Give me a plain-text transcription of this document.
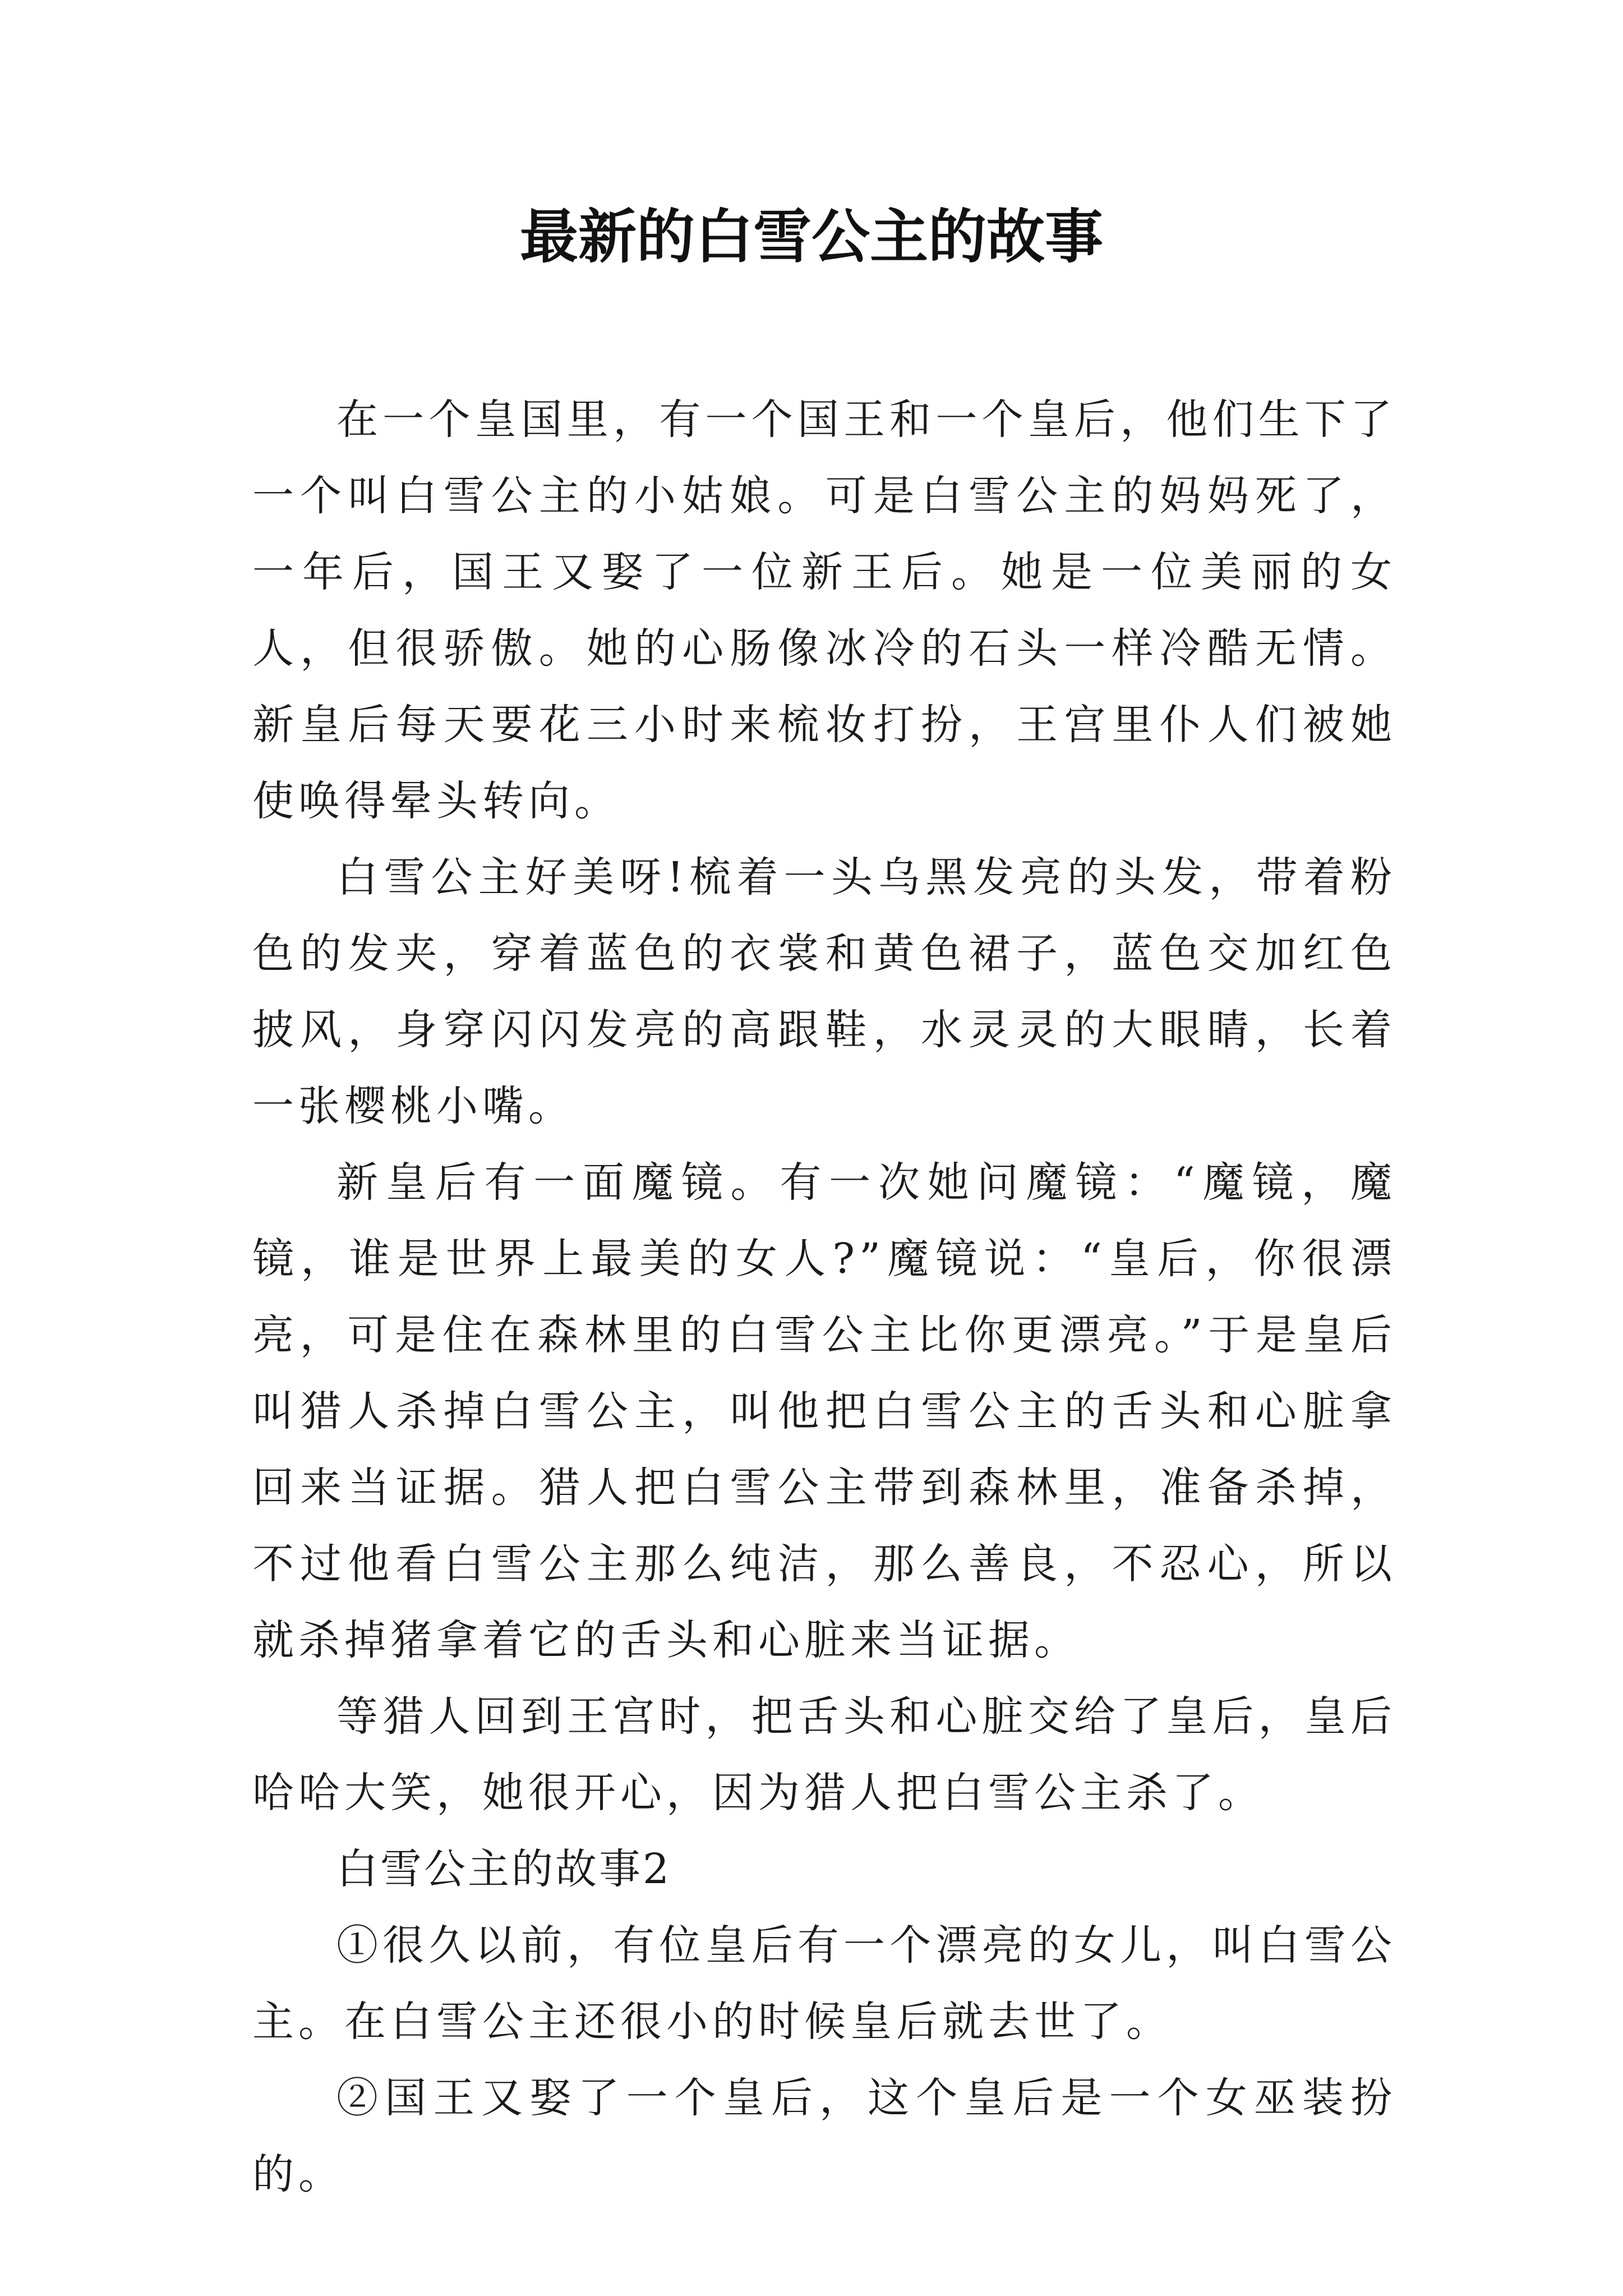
最新的白雪公主的故事

在一个皇国里，有一个国王和一个皇后，他们生下了一个叫白雪公主的小姑娘。可是白雪公主的妈妈死了，一年后，国王又娶了一位新王后。她是一位美丽的女人，但很骄傲。她的心肠像冰冷的石头一样冷酷无情。新皇后每天要花三小时来梳妆打扮，王宫里仆人们被她使唤得晕头转向。

白雪公主好美呀!梳着一头乌黑发亮的头发，带着粉色的发夹，穿着蓝色的衣裳和黄色裙子，蓝色交加红色披风，身穿闪闪发亮的高跟鞋，水灵灵的大眼睛，长着一张樱桃小嘴。

新皇后有一面魔镜。有一次她问魔镜：“魔镜，魔镜，谁是世界上最美的女人?”魔镜说：“皇后，你很漂亮，可是住在森林里的白雪公主比你更漂亮。”于是皇后叫猎人杀掉白雪公主，叫他把白雪公主的舌头和心脏拿回来当证据。猎人把白雪公主带到森林里，准备杀掉，不过他看白雪公主那么纯洁，那么善良，不忍心，所以就杀掉猪拿着它的舌头和心脏来当证据。

等猎人回到王宫时，把舌头和心脏交给了皇后，皇后哈哈大笑，她很开心，因为猎人把白雪公主杀了。

白雪公主的故事2

①很久以前，有位皇后有一个漂亮的女儿，叫白雪公主。在白雪公主还很小的时候皇后就去世了。

②国王又娶了一个皇后，这个皇后是一个女巫装扮的。
